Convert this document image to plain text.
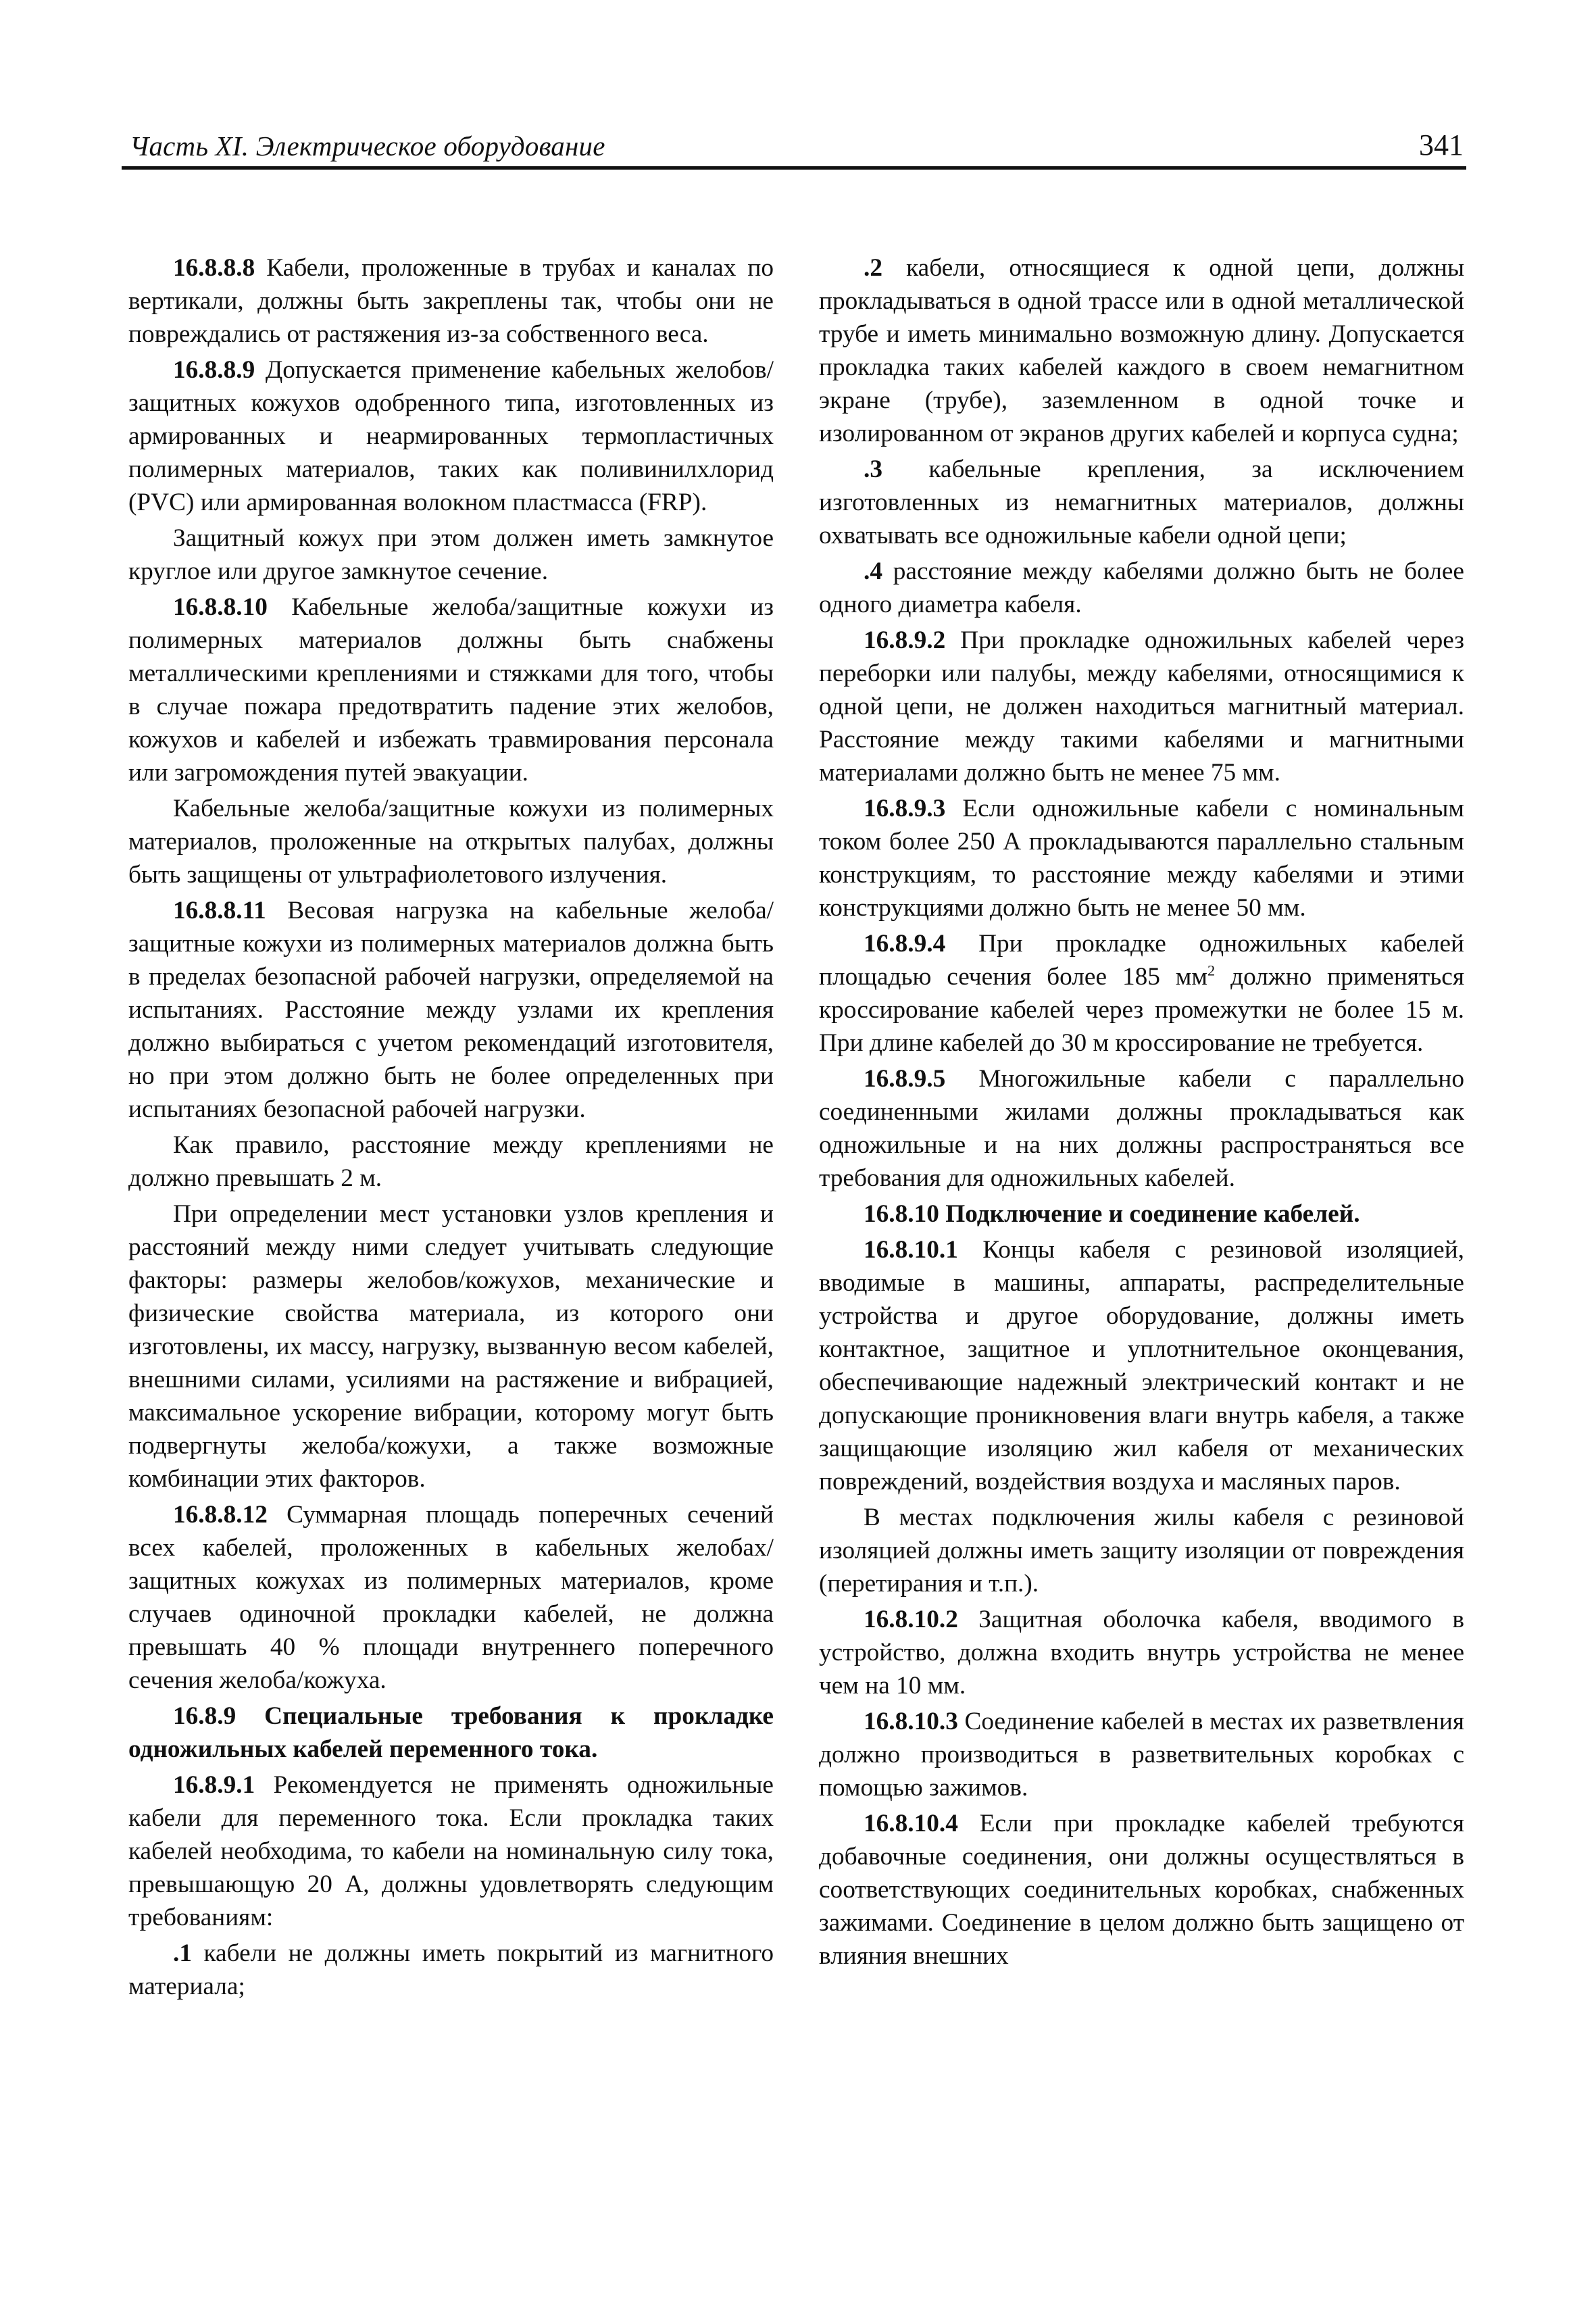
Часть XI. Электрическое оборудование	341

16.8.8.8 Кабели, проложенные в трубах и каналах по вертикали, должны быть закреплены так, чтобы они не повреждались от растяжения из-за собственного веса.

16.8.8.9 Допускается применение кабельных желобов/защитных кожухов одобренного типа, изготовленных из армированных и неармированных термопластичных полимерных материалов, таких как поливинилхлорид (PVC) или армированная волокном пластмасса (FRP).

Защитный кожух при этом должен иметь замкнутое круглое или другое замкнутое сечение.

16.8.8.10 Кабельные желоба/защитные кожухи из полимерных материалов должны быть снабжены металлическими креплениями и стяжками для того, чтобы в случае пожара предотвратить падение этих желобов, кожухов и кабелей и избежать травмирования персонала или загромождения путей эвакуации.

Кабельные желоба/защитные кожухи из полимерных материалов, проложенные на открытых палубах, должны быть защищены от ультрафиолетового излучения.

16.8.8.11 Весовая нагрузка на кабельные желоба/защитные кожухи из полимерных материалов должна быть в пределах безопасной рабочей нагрузки, определяемой на испытаниях. Расстояние между узлами их крепления должно выбираться с учетом рекомендаций изготовителя, но при этом должно быть не более определенных при испытаниях безопасной рабочей нагрузки.

Как правило, расстояние между креплениями не должно превышать 2 м.

При определении мест установки узлов крепления и расстояний между ними следует учитывать следующие факторы: размеры желобов/кожухов, механические и физические свойства материала, из которого они изготовлены, их массу, нагрузку, вызванную весом кабелей, внешними силами, усилиями на растяжение и вибрацией, максимальное ускорение вибрации, которому могут быть подвергнуты желоба/кожухи, а также возможные комбинации этих факторов.

16.8.8.12 Суммарная площадь поперечных сечений всех кабелей, проложенных в кабельных желобах/защитных кожухах из полимерных материалов, кроме случаев одиночной прокладки кабелей, не должна превышать 40 % площади внутреннего поперечного сечения желоба/кожуха.

16.8.9 Специальные требования к прокладке одножильных кабелей переменного тока.

16.8.9.1 Рекомендуется не применять одножильные кабели для переменного тока. Если прокладка таких кабелей необходима, то кабели на номинальную силу тока, превышающую 20 А, должны удовлетворять следующим требованиям:

.1 кабели не должны иметь покрытий из магнитного материала;

.2 кабели, относящиеся к одной цепи, должны прокладываться в одной трассе или в одной металлической трубе и иметь минимально возможную длину. Допускается прокладка таких кабелей каждого в своем немагнитном экране (трубе), заземленном в одной точке и изолированном от экранов других кабелей и корпуса судна;

.3 кабельные крепления, за исключением изготовленных из немагнитных материалов, должны охватывать все одножильные кабели одной цепи;

.4 расстояние между кабелями должно быть не более одного диаметра кабеля.

16.8.9.2 При прокладке одножильных кабелей через переборки или палубы, между кабелями, относящимися к одной цепи, не должен находиться магнитный материал. Расстояние между такими кабелями и магнитными материалами должно быть не менее 75 мм.

16.8.9.3 Если одножильные кабели с номинальным током более 250 А прокладываются параллельно стальным конструкциям, то расстояние между кабелями и этими конструкциями должно быть не менее 50 мм.

16.8.9.4 При прокладке одножильных кабелей площадью сечения более 185 $мм^2$ должно применяться кроссирование кабелей через промежутки не более 15 м. При длине кабелей до 30 м кроссирование не требуется.

16.8.9.5 Многожильные кабели с параллельно соединенными жилами должны прокладываться как одножильные и на них должны распространяться все требования для одножильных кабелей.

16.8.10 Подключение и соединение кабелей.

16.8.10.1 Концы кабеля с резиновой изоляцией, вводимые в машины, аппараты, распределительные устройства и другое оборудование, должны иметь контактное, защитное и уплотнительное оконцевания, обеспечивающие надежный электрический контакт и не допускающие проникновения влаги внутрь кабеля, а также защищающие изоляцию жил кабеля от механических повреждений, воздействия воздуха и масляных паров.

В местах подключения жилы кабеля с резиновой изоляцией должны иметь защиту изоляции от повреждения (перетирания и т.п.).

16.8.10.2 Защитная оболочка кабеля, вводимого в устройство, должна входить внутрь устройства не менее чем на 10 мм.

16.8.10.3 Соединение кабелей в местах их разветвления должно производиться в разветвительных коробках с помощью зажимов.

16.8.10.4 Если при прокладке кабелей требуются добавочные соединения, они должны осуществляться в соответствующих соединительных коробках, снабженных зажимами. Соединение в целом должно быть защищено от влияния внешних
